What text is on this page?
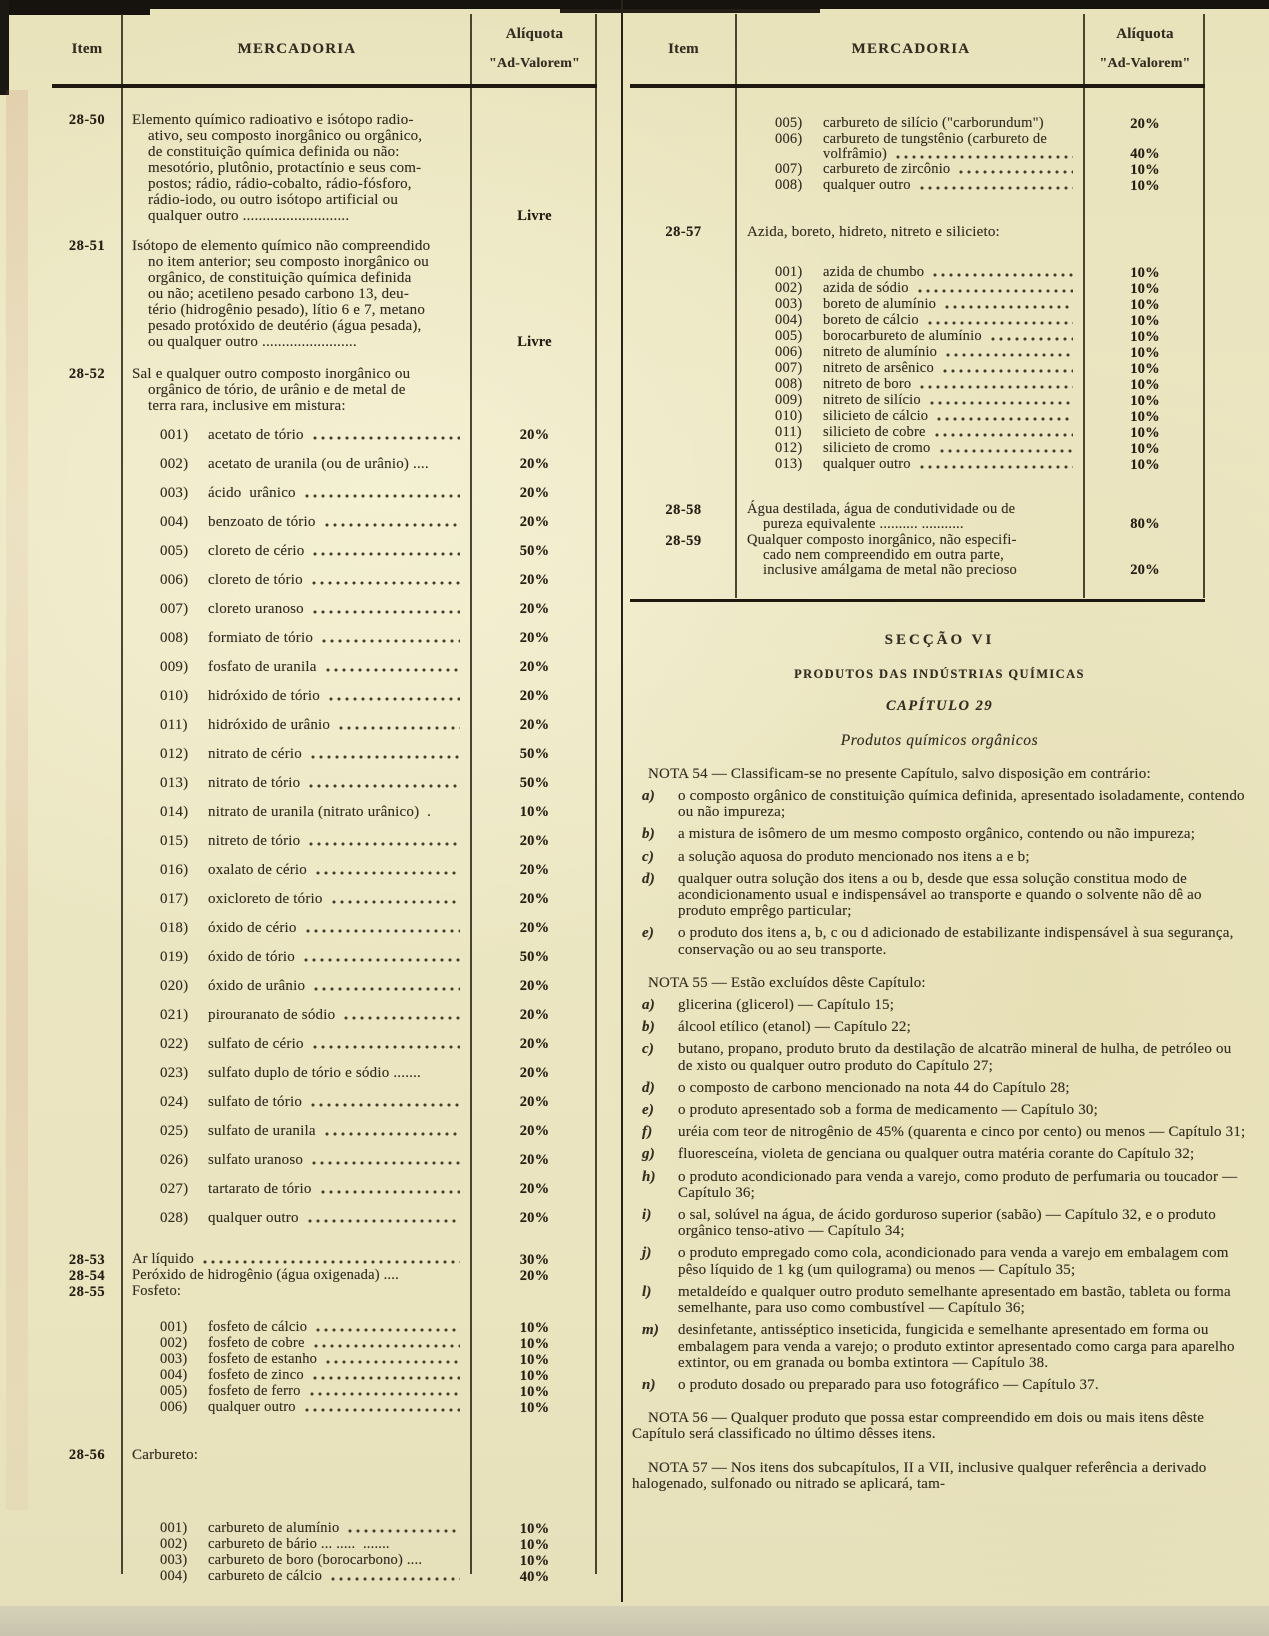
Item	MERCADORIA
Alíquota
"Ad-Valorem"
Item	MERCADORIA
Alíquota
"Ad-Valorem"
28-50	Elemento químico radioativo e isótopo radio-
ativo, seu composto inorgânico ou orgânico,
de constituição química definida ou não:
mesotório, plutônio, protactínio e seus com-
postos; rádio, rádio-cobalto, rádio-fósforo,
rádio-iodo, ou outro isótopo artificial ou
qualquer outro ...........................	Livre
28-51	Isótopo de elemento químico não compreendido
no item anterior; seu composto inorgânico ou
orgânico, de constituição química definida
ou não; acetileno pesado carbono 13, deu-
tério (hidrogênio pesado), lítio 6 e 7, metano
pesado protóxido de deutério (água pesada),
ou qualquer outro ........................	Livre
28-52	Sal e qualquer outro composto inorgânico ou
orgânico de tório, de urânio e de metal de
terra rara, inclusive em mistura:
001)	acetato de tório	20%
002)	acetato de uranila (ou de urânio) ....	20%
003)	ácido  urânico	20%
004)	benzoato de tório	20%
005)	cloreto de cério	50%
006)	cloreto de tório	20%
007)	cloreto uranoso	20%
008)	formiato de tório	20%
009)	fosfato de uranila	20%
010)	hidróxido de tório	20%
011)	hidróxido de urânio	20%
012)	nitrato de cério	50%
013)	nitrato de tório	50%
014)	nitrato de uranila (nitrato urânico)  .	10%
015)	nitreto de tório	20%
016)	oxalato de cério	20%
017)	oxicloreto de tório	20%
018)	óxido de cério	20%
019)	óxido de tório	50%
020)	óxido de urânio	20%
021)	pirouranato de sódio	20%
022)	sulfato de cério	20%
023)	sulfato duplo de tório e sódio .......	20%
024)	sulfato de tório	20%
025)	sulfato de uranila	20%
026)	sulfato uranoso	20%
027)	tartarato de tório	20%
028)	qualquer outro	20%
28-53	Ar líquido	30%
28-54	Peróxido de hidrogênio (água oxigenada) ....	20%
28-55	Fosfeto:
001)	fosfeto de cálcio	10%
002)	fosfeto de cobre	10%
003)	fosfeto de estanho	10%
004)	fosfeto de zinco	10%
005)	fosfeto de ferro	10%
006)	qualquer outro	10%
28-56	Carbureto:
001)	carbureto de alumínio	10%
002)	carbureto de bário ... .....  .......	10%
003)	carbureto de boro (borocarbono) ....	10%
004)	carbureto de cálcio	40%
005)	carbureto de silício ("carborundum")	20%
006)	carbureto de tungstênio (carbureto de
volfrâmio)	40%
007)	carbureto de zircônio	10%
008)	qualquer outro	10%
28-57	Azida, boreto, hidreto, nitreto e silicieto:
001)	azida de chumbo	10%
002)	azida de sódio	10%
003)	boreto de alumínio	10%
004)	boreto de cálcio	10%
005)	borocarbureto de alumínio	10%
006)	nitreto de alumínio	10%
007)	nitreto de arsênico	10%
008)	nitreto de boro	10%
009)	nitreto de silício	10%
010)	silicieto de cálcio	10%
011)	silicieto de cobre	10%
012)	silicieto de cromo	10%
013)	qualquer outro	10%
28-58	Água destilada, água de condutividade ou de
pureza equivalente .......... ...........	80%
28-59	Qualquer composto inorgânico, não especifi-
cado nem compreendido em outra parte,
inclusive amálgama de metal não precioso	20%
SECÇÃO VI
PRODUTOS DAS INDÚSTRIAS QUÍMICAS
CAPÍTULO 29
Produtos químicos orgânicos
NOTA 54 — Classificam-se no presente Capítulo, salvo disposição em contrário:
a)	o composto orgânico de constituição química definida, apresentado isoladamente, contendo ou não impureza;
b)	a mistura de isômero de um mesmo composto orgânico, contendo ou não impureza;
c)	a solução aquosa do produto mencionado nos itens a e b;
d)	qualquer outra solução dos itens a ou b, desde que essa solução constitua modo de acondicionamento usual e indispensável ao transporte e quando o solvente não dê ao produto emprêgo particular;
e)	o produto dos itens a, b, c ou d adicionado de estabilizante indispensável à sua segurança, conservação ou ao seu transporte.
NOTA 55 — Estão excluídos dêste Capítulo:
a)	glicerina (glicerol) — Capítulo 15;
b)	álcool etílico (etanol) — Capítulo 22;
c)	butano, propano, produto bruto da destilação de alcatrão mineral de hulha, de petróleo ou de xisto ou qualquer outro produto do Capítulo 27;
d)	o composto de carbono mencionado na nota 44 do Capítulo 28;
e)	o produto apresentado sob a forma de medicamento — Capítulo 30;
f)	uréia com teor de nitrogênio de 45% (quarenta e cinco por cento) ou menos — Capítulo 31;
g)	fluoresceína, violeta de genciana ou qualquer outra matéria corante do Capítulo 32;
h)	o produto acondicionado para venda a varejo, como produto de perfumaria ou toucador — Capítulo 36;
i)	o sal, solúvel na água, de ácido gorduroso superior (sabão) — Capítulo 32, e o produto orgânico tenso-ativo — Capítulo 34;
j)	o produto empregado como cola, acondicionado para venda a varejo em embalagem com pêso líquido de 1 kg (um quilograma) ou menos — Capítulo 35;
l)	metaldeído e qualquer outro produto semelhante apresentado em bastão, tableta ou forma semelhante, para uso como combustível — Capítulo 36;
m)	desinfetante, antisséptico inseticida, fungicida e semelhante apresentado em forma ou embalagem para venda a varejo; o produto extintor apresentado como carga para aparelho extintor, ou em granada ou bomba extintora — Capítulo 38.
n)	o produto dosado ou preparado para uso fotográfico — Capítulo 37.
NOTA 56 — Qualquer produto que possa estar compreendido em dois ou mais itens dêste Capítulo será classificado no último dêsses itens.
NOTA 57 — Nos itens dos subcapítulos, II a VII, inclusive qualquer referência a derivado halogenado, sulfonado ou nitrado se aplicará, tam-
